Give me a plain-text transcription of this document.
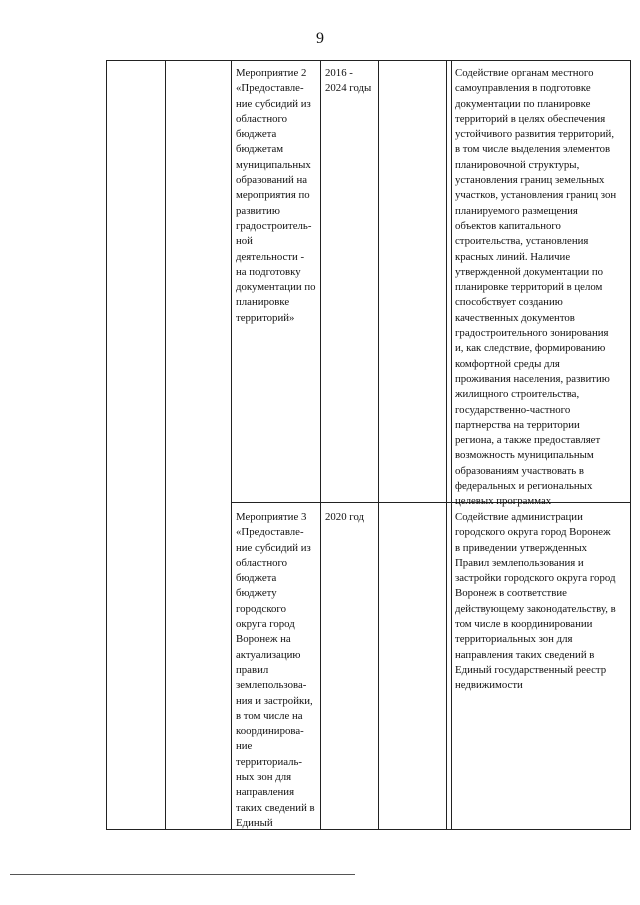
9
Мероприятие 2
«Предоставле-
ние субсидий из
областного
бюджета
бюджетам
муниципальных
образований на
мероприятия по
развитию
градостроитель-
ной
деятельности -
на подготовку
документации по
планировке
территорий»
2016 -
2024 годы
Содействие органам местного
самоуправления в подготовке
документации по планировке
территорий в целях обеспечения
устойчивого развития территорий,
в том числе выделения элементов
планировочной структуры,
установления границ земельных
участков, установления границ зон
планируемого размещения
объектов капитального
строительства, установления
красных линий. Наличие
утвержденной документации по
планировке территорий в целом
способствует созданию
качественных документов
градостроительного зонирования
и, как следствие, формированию
комфортной среды для
проживания населения, развитию
жилищного строительства,
государственно-частного
партнерства на территории
региона, а также предоставляет
возможность муниципальным
образованиям участвовать в
федеральных и региональных
целевых программах
Мероприятие 3
«Предоставле-
ние субсидий из
областного
бюджета
бюджету
городского
округа город
Воронеж на
актуализацию
правил
землепользова-
ния и застройки,
в том числе на
координирова-
ние
территориаль-
ных зон для
направления
таких сведений в
Единый
2020 год	Содействие администрации
городского округа город Воронеж
в приведении утвержденных
Правил землепользования и
застройки городского округа город
Воронеж в соответствие
действующему законодательству, в
том числе в координировании
территориальных зон для
направления таких сведений в
Единый государственный реестр
недвижимости
